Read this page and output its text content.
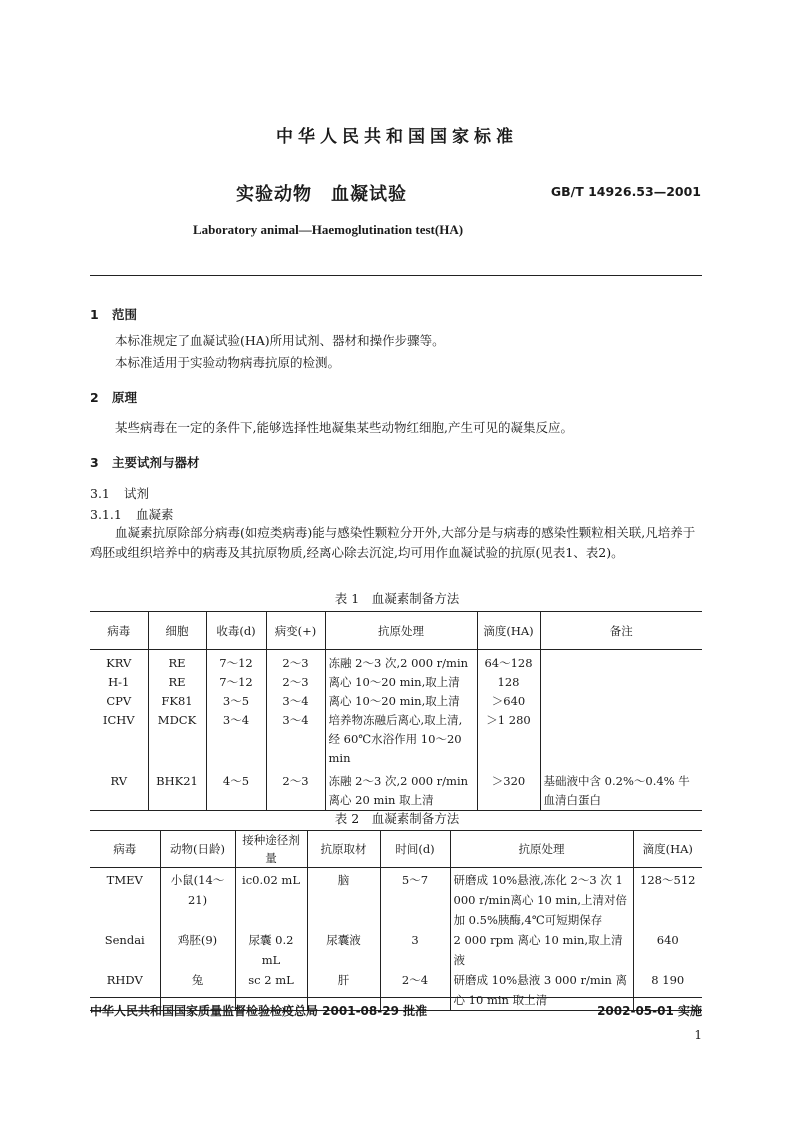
中华人民共和国国家标准
实验动物　血凝试验	GB/T 14926.53—2001
Laboratory animal—Haemoglutination test(HA)
1 范围
本标准规定了血凝试验(HA)所用试剂、器材和操作步骤等。
本标准适用于实验动物病毒抗原的检测。
2 原理
某些病毒在一定的条件下,能够选择性地凝集某些动物红细胞,产生可见的凝集反应。
3 主要试剂与器材
3.1 试剂
3.1.1 血凝素
血凝素抗原除部分病毒(如痘类病毒)能与感染性颗粒分开外,大部分是与病毒的感染性颗粒相关联,凡培养于鸡胚或组织培养中的病毒及其抗原物质,经离心除去沉淀,均可用作血凝试验的抗原(见表1、表2)。
表 1　血凝素制备方法
病毒	细胞	收毒(d)	病变(+)	抗原处理	滴度(HA)	备注
KRV	RE	7～12	2～3	冻融 2～3 次,2 000 r/min	64～128	
H-1	RE	7～12	2～3	离心 10～20 min,取上清	128	
CPV	FK81	3～5	3～4	离心 10～20 min,取上清	＞640	
ICHV	MDCK	3～4	3～4	培养物冻融后离心,取上清,经 60℃水浴作用 10～20 min	＞1 280	
RV	BHK21	4～5	2～3	冻融 2～3 次,2 000 r/min 离心 20 min 取上清	＞320	基础液中含 0.2%～0.4% 牛血清白蛋白
表 2　血凝素制备方法
病毒	动物(日龄)	接种途径剂量	抗原取材	时间(d)	抗原处理	滴度(HA)
TMEV	小鼠(14～21)	ic0.02 mL	脑	5～7	研磨成 10%悬液,冻化 2～3 次 1 000 r/min离心 10 min,上清对倍加 0.5%胰酶,4℃可短期保存	128～512
Sendai	鸡胚(9)	尿囊 0.2 mL	尿囊液	3	2 000 rpm 离心 10 min,取上清液	640
RHDV	兔	sc 2 mL	肝	2～4	研磨成 10%悬液 3 000 r/min 离心 10 min 取上清	8 190
中华人民共和国国家质量监督检验检疫总局 2001-08-29 批准	2002-05-01 实施
1
